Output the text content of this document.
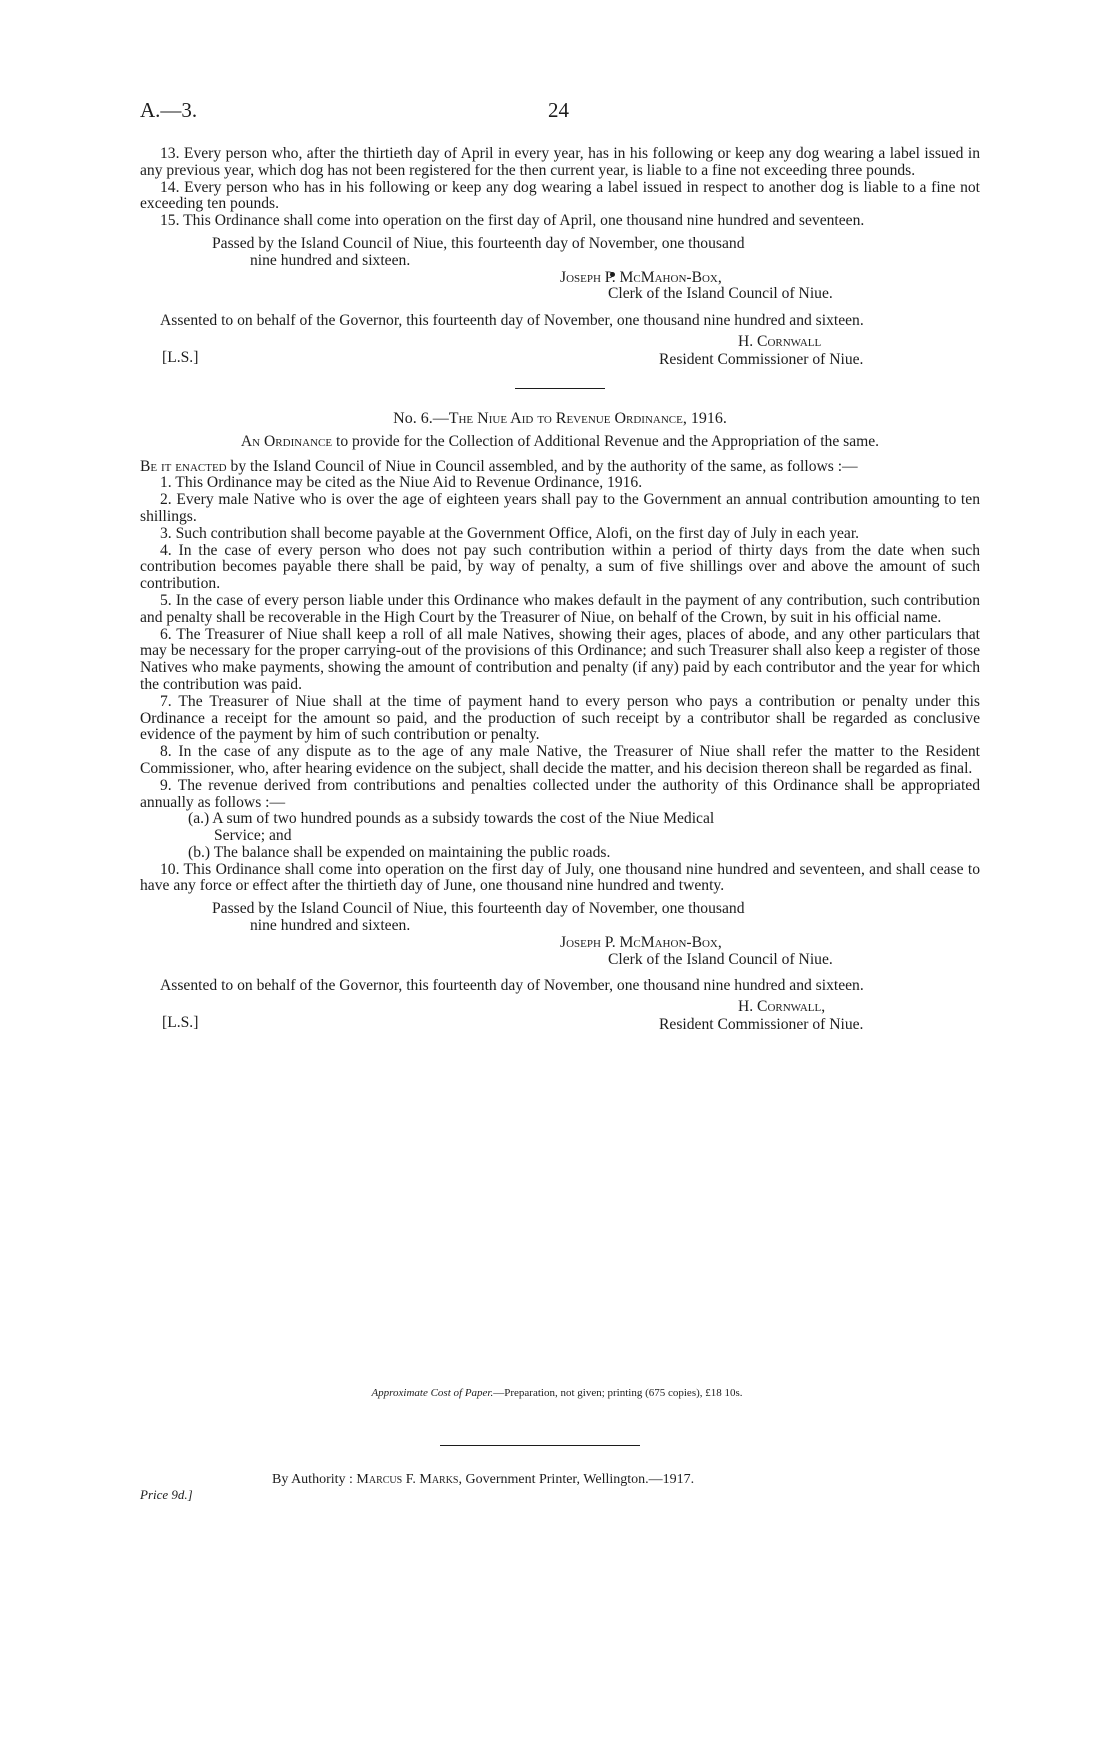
A.—3.	24

13. Every person who, after the thirtieth day of April in every year, has in his following or keep any dog wearing a label issued in any previous year, which dog has not been registered for the then current year, is liable to a fine not exceeding three pounds.

14. Every person who has in his following or keep any dog wearing a label issued in respect to another dog is liable to a fine not exceeding ten pounds.

15. This Ordinance shall come into operation on the first day of April, one thousand nine hundred and seventeen.

Passed by the Island Council of Niue, this fourteenth day of November, one thousand
nine hundred and sixteen.

Joseph P. McMahon-Box,
Clerk of the Island Council of Niue.

Assented to on behalf of the Governor, this fourteenth day of November, one thousand nine hundred and sixteen.

[L.S.]
H. Cornwall
Resident Commissioner of Niue.

No. 6.—The Niue Aid to Revenue Ordinance, 1916.

An Ordinance to provide for the Collection of Additional Revenue and the Appropriation of the same.

Be it enacted by the Island Council of Niue in Council assembled, and by the authority of the same, as follows :—

1. This Ordinance may be cited as the Niue Aid to Revenue Ordinance, 1916.

2. Every male Native who is over the age of eighteen years shall pay to the Government an annual contribution amounting to ten shillings.

3. Such contribution shall become payable at the Government Office, Alofi, on the first day of July in each year.

4. In the case of every person who does not pay such contribution within a period of thirty days from the date when such contribution becomes payable there shall be paid, by way of penalty, a sum of five shillings over and above the amount of such contribution.

5. In the case of every person liable under this Ordinance who makes default in the payment of any contribution, such contribution and penalty shall be recoverable in the High Court by the Treasurer of Niue, on behalf of the Crown, by suit in his official name.

6. The Treasurer of Niue shall keep a roll of all male Natives, showing their ages, places of abode, and any other particulars that may be necessary for the proper carrying-out of the provisions of this Ordinance; and such Treasurer shall also keep a register of those Natives who make payments, showing the amount of contribution and penalty (if any) paid by each contributor and the year for which the contribution was paid.

7. The Treasurer of Niue shall at the time of payment hand to every person who pays a contribution or penalty under this Ordinance a receipt for the amount so paid, and the production of such receipt by a contributor shall be regarded as conclusive evidence of the payment by him of such contribution or penalty.

8. In the case of any dispute as to the age of any male Native, the Treasurer of Niue shall refer the matter to the Resident Commissioner, who, after hearing evidence on the subject, shall decide the matter, and his decision thereon shall be regarded as final.

9. The revenue derived from contributions and penalties collected under the authority of this Ordinance shall be appropriated annually as follows :—

(a.) A sum of two hundred pounds as a subsidy towards the cost of the Niue Medical
Service; and

(b.) The balance shall be expended on maintaining the public roads.

10. This Ordinance shall come into operation on the first day of July, one thousand nine hundred and seventeen, and shall cease to have any force or effect after the thirtieth day of June, one thousand nine hundred and twenty.

Passed by the Island Council of Niue, this fourteenth day of November, one thousand
nine hundred and sixteen.

Joseph P. McMahon-Box,
Clerk of the Island Council of Niue.

Assented to on behalf of the Governor, this fourteenth day of November, one thousand nine hundred and sixteen.

[L.S.]
H. Cornwall,
Resident Commissioner of Niue.
Approximate Cost of Paper.—Preparation, not given; printing (675 copies), £18 10s.
Price 9d.]
By Authority : Marcus F. Marks, Government Printer, Wellington.—1917.
